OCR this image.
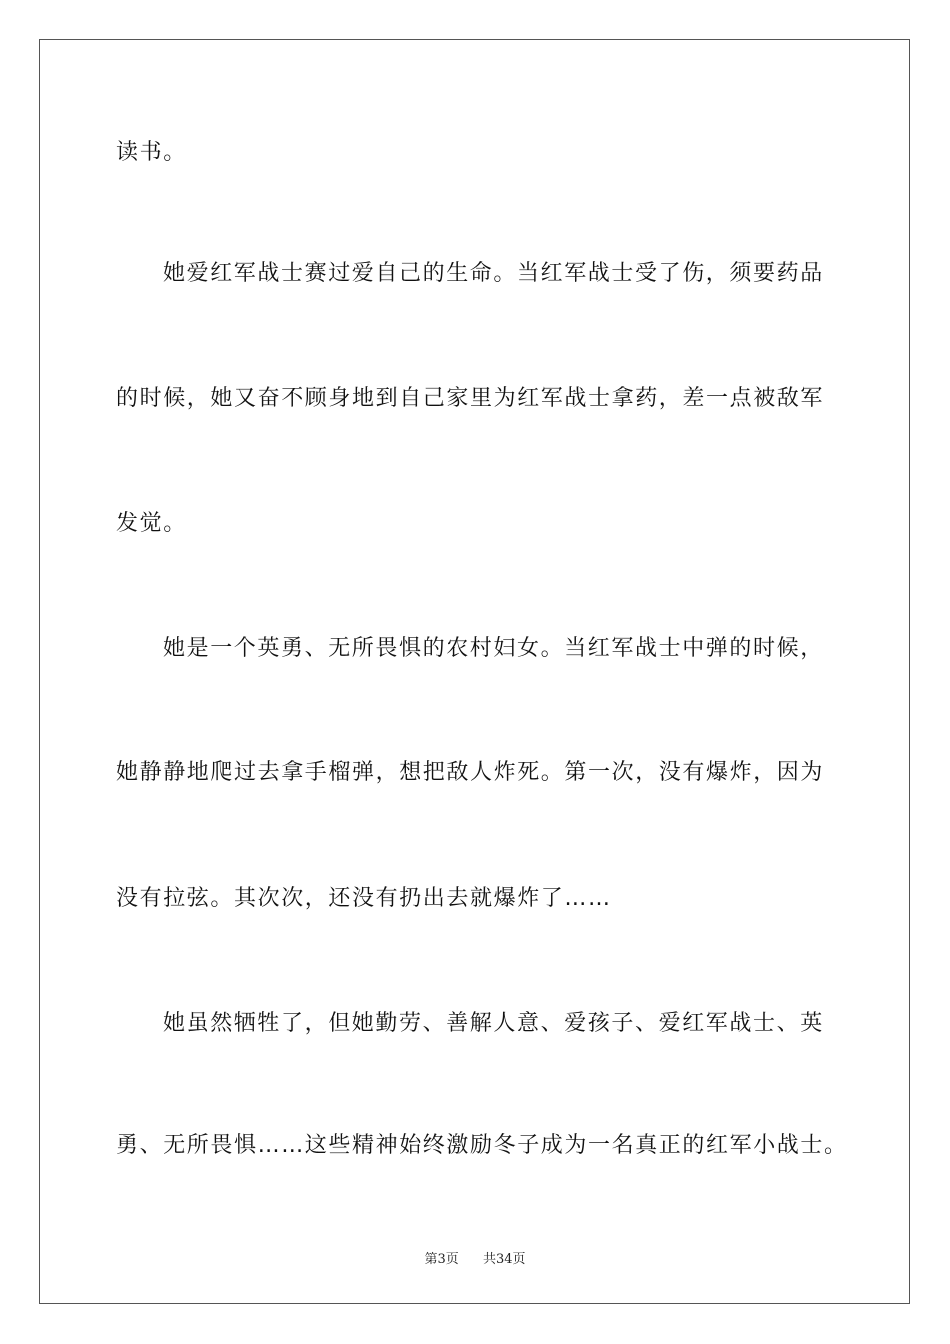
读书。
她爱红军战士赛过爱自己的生命。当红军战士受了伤，须要药品
的时候，她又奋不顾身地到自己家里为红军战士拿药，差一点被敌军
发觉。
她是一个英勇、无所畏惧的农村妇女。当红军战士中弹的时候，
她静静地爬过去拿手榴弹，想把敌人炸死。第一次，没有爆炸，因为
没有拉弦。其次次，还没有扔出去就爆炸了……
她虽然牺牲了，但她勤劳、善解人意、爱孩子、爱红军战士、英
勇、无所畏惧……这些精神始终激励冬子成为一名真正的红军小战士。
第3页 共34页
